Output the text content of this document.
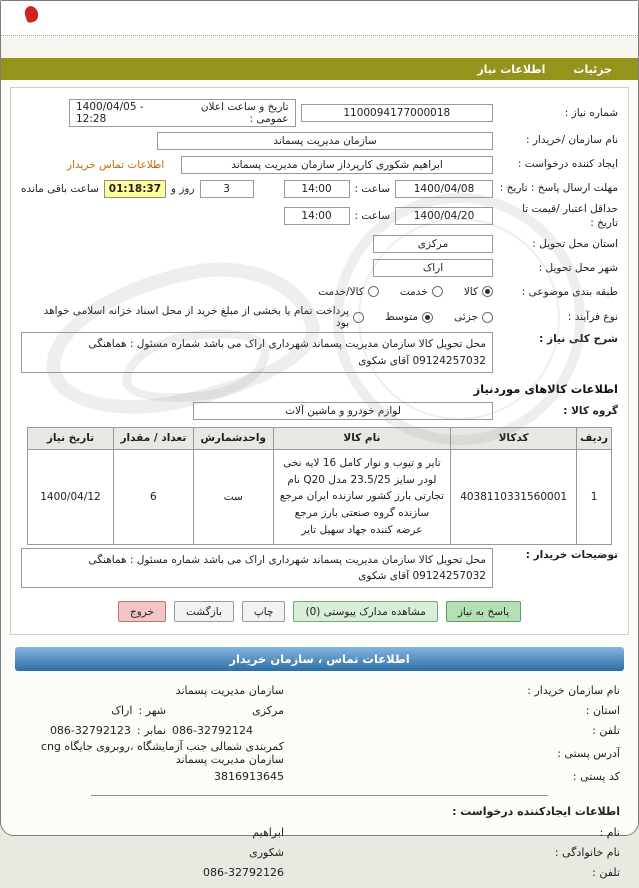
جزئیات
اطلاعات نیاز
شماره نیاز :
1100094177000018
تاریخ و ساعت اعلان عمومی :
1400/04/05 - 12:28
نام سازمان /خریدار :
سازمان مدیریت پسماند
ایجاد کننده درخواست :
ابراهیم شکوری کارپرداز سازمان مدیریت پسماند
اطلاعات تماس خریدار
مهلت ارسال پاسخ : تاریخ :
1400/04/08
ساعت :
14:00
3
روز و
01:18:37
ساعت باقی مانده
حداقل اعتبار /قیمت تا تاریخ :
1400/04/20
ساعت :
14:00
استان محل تحویل :
مرکزی
شهر محل تحویل :
اراک
طبقه بندی موضوعی :
کالا
خدمت
کالا/خدمت
نوع فرآیند :
جزئی
متوسط
پرداخت تمام یا بخشی از مبلغ خرید از محل اسناد خزانه اسلامی خواهد بود
شرح کلی نیاز :
محل تحویل کالا سازمان مدیریت پسماند شهرداری اراک می باشد شماره مسئول : هماهنگی 09124257032 آقای شکوی
اطلاعات کالاهای موردنیاز
گروه کالا :
لوازم خودرو و ماشین آلات
ردیف	کدکالا	نام کالا	واحدشمارش	تعداد / مقدار	تاریخ نیاز
1	4038110331560001	تایر و تیوب و نوار کامل 16 لایه نخی لودر سایز 23.5/25 مدل Q20 نام تجارتی بارز کشور سازنده ایران مرجع سازنده گروه صنعتی بارز مرجع عرضه کننده جهاد سهیل تایر	ست	6	1400/04/12
توضیحات خریدار :
محل تحویل کالا سازمان مدیریت پسماند شهرداری اراک می باشد شماره مسئول : هماهنگی 09124257032 آقای شکوی
پاسخ به نیاز
مشاهده مدارک پیوستی (0)
چاپ
بازگشت
خروج
اطلاعات تماس ، سازمان خریدار
نام سازمان خریدار :
سازمان مدیریت پسماند
استان :
مرکزی
شهر :
اراک
تلفن :
086-32792124
نمابر :
086-32792123
آدرس پستی :
کمربندی شمالی جنب آزمایشگاه ،روبروی جایگاه cng سازمان مدیریت پسماند
کد پستی :
3816913645
اطلاعات ایجادکننده درخواست :
نام :
ابراهیم
نام خانوادگی :
شکوری
تلفن :
086-32792126
